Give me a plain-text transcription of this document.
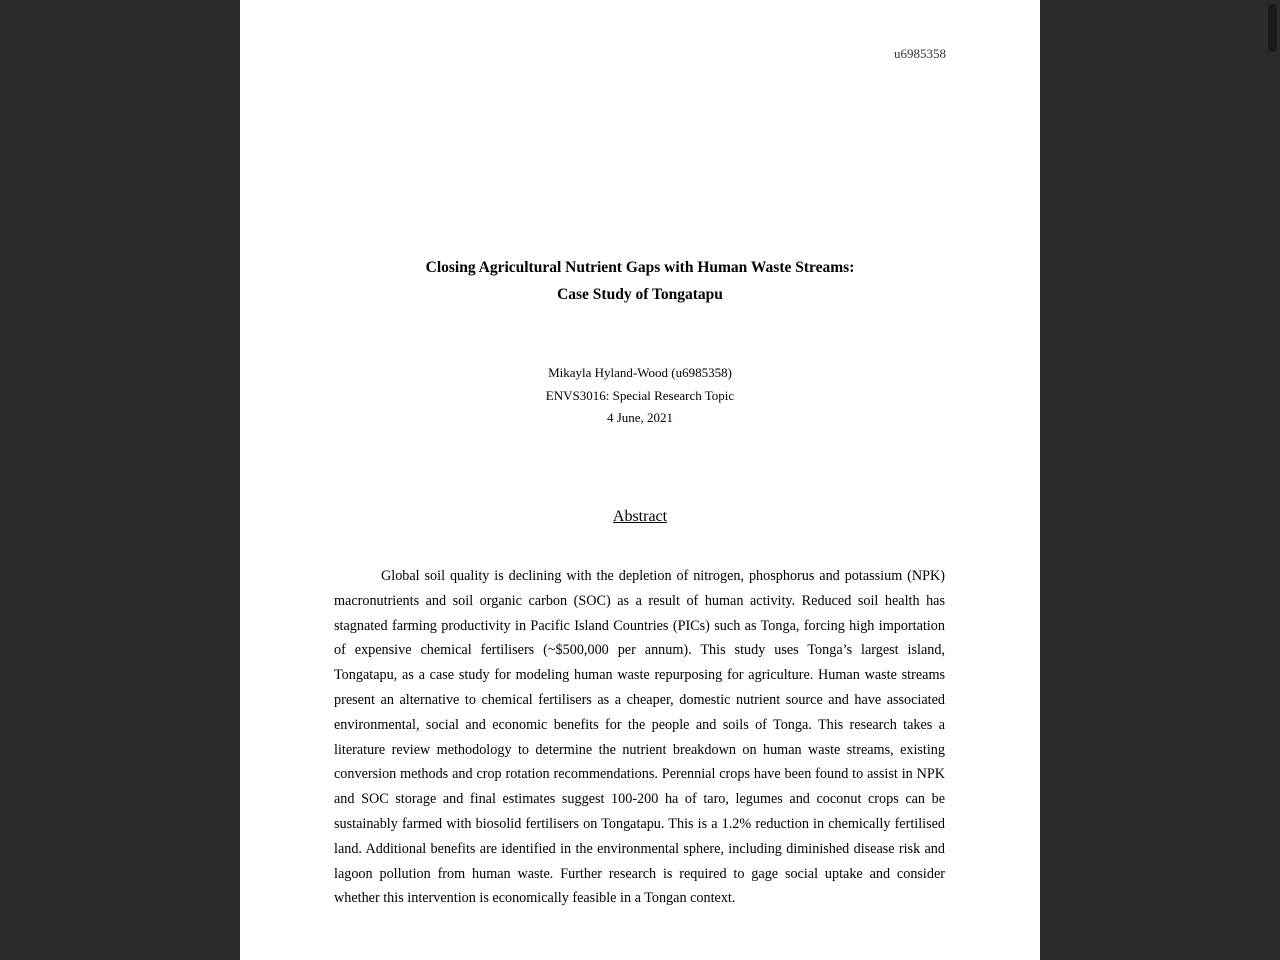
u6985358
Closing Agricultural Nutrient Gaps with Human Waste Streams:
Case Study of Tongatapu
Mikayla Hyland-Wood (u6985358)
ENVS3016: Special Research Topic
4 June, 2021
Abstract

Global soil quality is declining with the depletion of nitrogen, phosphorus and potassium (NPK) macronutrients and soil organic carbon (SOC) as a result of human activity. Reduced soil health has stagnated farming productivity in Pacific Island Countries (PICs) such as Tonga, forcing high importation of expensive chemical fertilisers (~$500,000 per annum). This study uses Tonga’s largest island, Tongatapu, as a case study for modeling human waste repurposing for agriculture. Human waste streams present an alternative to chemical fertilisers as a cheaper, domestic nutrient source and have associated environmental, social and economic benefits for the people and soils of Tonga. This research takes a literature review methodology to determine the nutrient breakdown on human waste streams, existing conversion methods and crop rotation recommendations. Perennial crops have been found to assist in NPK and SOC storage and final estimates suggest 100-200 ha of taro, legumes and coconut crops can be sustainably farmed with biosolid fertilisers on Tongatapu. This is a 1.2% reduction in chemically fertilised land. Additional benefits are identified in the environmental sphere, including diminished disease risk and lagoon pollution from human waste. Further research is required to gage social uptake and consider whether this intervention is economically feasible in a Tongan context.
